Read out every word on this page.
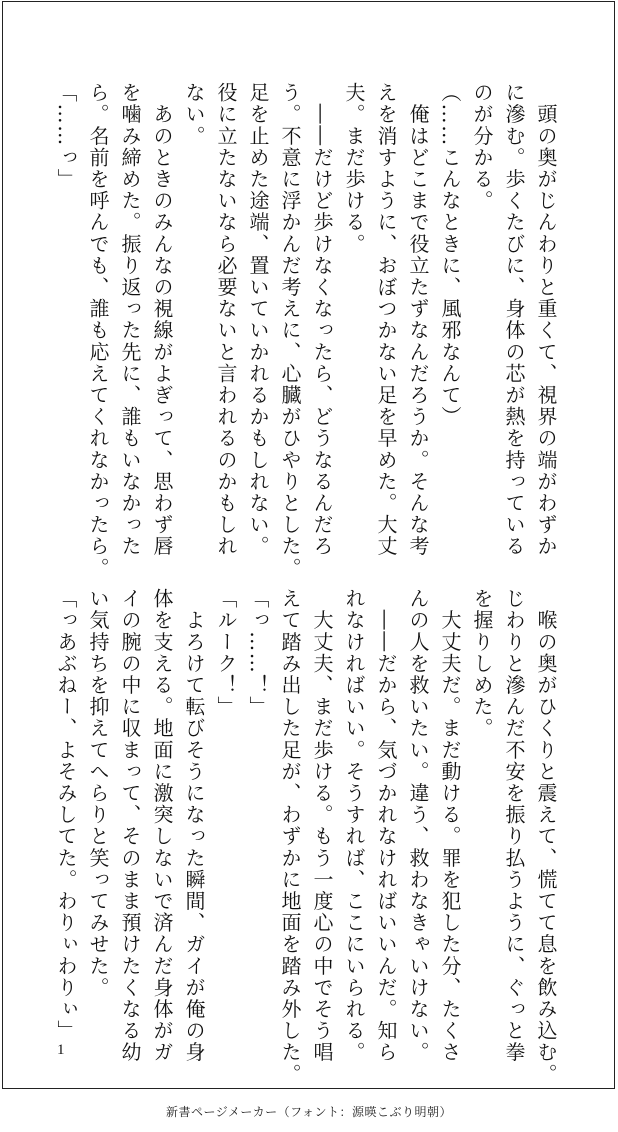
　頭の奥がじんわりと重くて、視界の端がわずか

に滲む。歩くたびに、身体の芯が熱を持っている

のが分かる。

（……こんなときに、風邪なんて）

　俺はどこまで役立たずなんだろうか。そんな考

えを消すように、おぼつかない足を早めた。大丈

夫。まだ歩ける。

　――だけど歩けなくなったら、どうなるんだろ

う。不意に浮かんだ考えに、心臓がひやりとした。

足を止めた途端、置いていかれるかもしれない。

役に立たないなら必要ないと言われるのかもしれ

ない。

　あのときのみんなの視線がよぎって、思わず唇

を噛み締めた。振り返った先に、誰もいなかった

ら。名前を呼んでも、誰も応えてくれなかったら。

「……っ」

　喉の奥がひくりと震えて、慌てて息を飲み込む。

じわりと滲んだ不安を振り払うように、ぐっと拳

を握りしめた。

　大丈夫だ。まだ動ける。罪を犯した分、たくさ

んの人を救いたい。違う、救わなきゃいけない。

　――だから、気づかれなければいいんだ。知ら

れなければいい。そうすれば、ここにいられる。

　大丈夫、まだ歩ける。もう一度心の中でそう唱

えて踏み出した足が、わずかに地面を踏み外した。

「っ……！」

「ルーク！」

　よろけて転びそうになった瞬間、ガイが俺の身

体を支える。地面に激突しないで済んだ身体がガ

イの腕の中に収まって、そのまま預けたくなる幼

い気持ちを抑えてへらりと笑ってみせた。

「っあぶねー、よそみしてた。わりぃわりぃ」

1
新書ページメーカー（フォント：源暎こぶり明朝）
